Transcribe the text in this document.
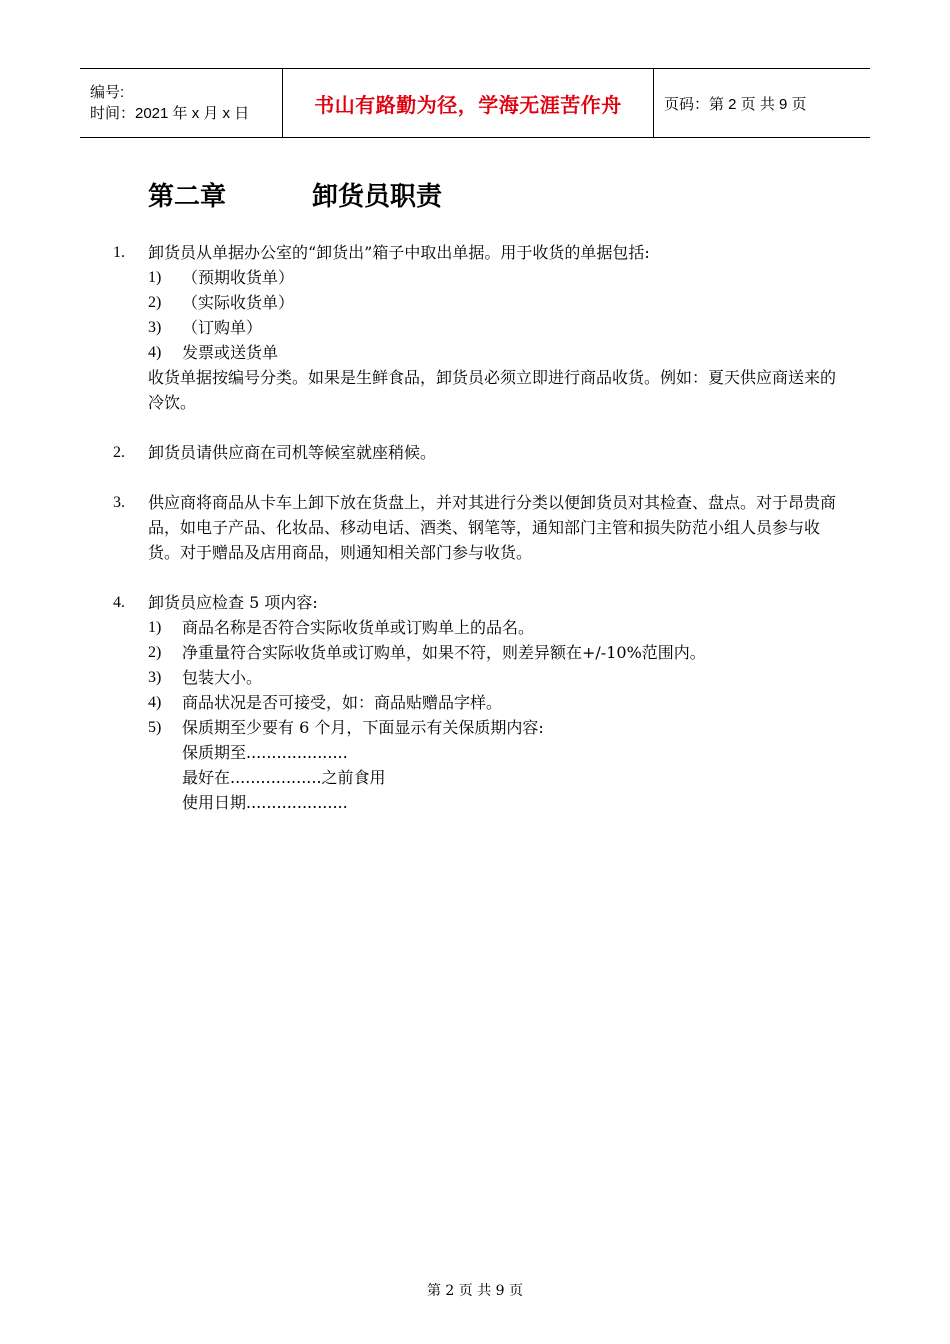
编号:
时间：2021 年 x 月 x 日	书山有路勤为径，学海无涯苦作舟	页码：第 2 页 共 9 页
第二章	卸货员职责
1. 卸货员从单据办公室的“卸货出”箱子中取出单据。用于收货的单据包括:
1) （预期收货单）
2) （实际收货单）
3) （订购单）
4) 发票或送货单
收货单据按编号分类。如果是生鲜食品，卸货员必须立即进行商品收货。例如：夏天供应商送来的冷饮。
2. 卸货员请供应商在司机等候室就座稍候。
3. 供应商将商品从卡车上卸下放在货盘上，并对其进行分类以便卸货员对其检查、盘点。对于昂贵商品，如电子产品、化妆品、移动电话、酒类、钢笔等，通知部门主管和损失防范小组人员参与收货。对于赠品及店用商品，则通知相关部门参与收货。
4. 卸货员应检查 5 项内容:
1) 商品名称是否符合实际收货单或订购单上的品名。
2) 净重量符合实际收货单或订购单，如果不符，则差异额在+/-10%范围内。
3) 包装大小。
4) 商品状况是否可接受，如：商品贴赠品字样。
5) 保质期至少要有 6 个月，下面显示有关保质期内容:
保质期至....................
最好在..................之前食用
使用日期....................
第 2 页 共 9 页
